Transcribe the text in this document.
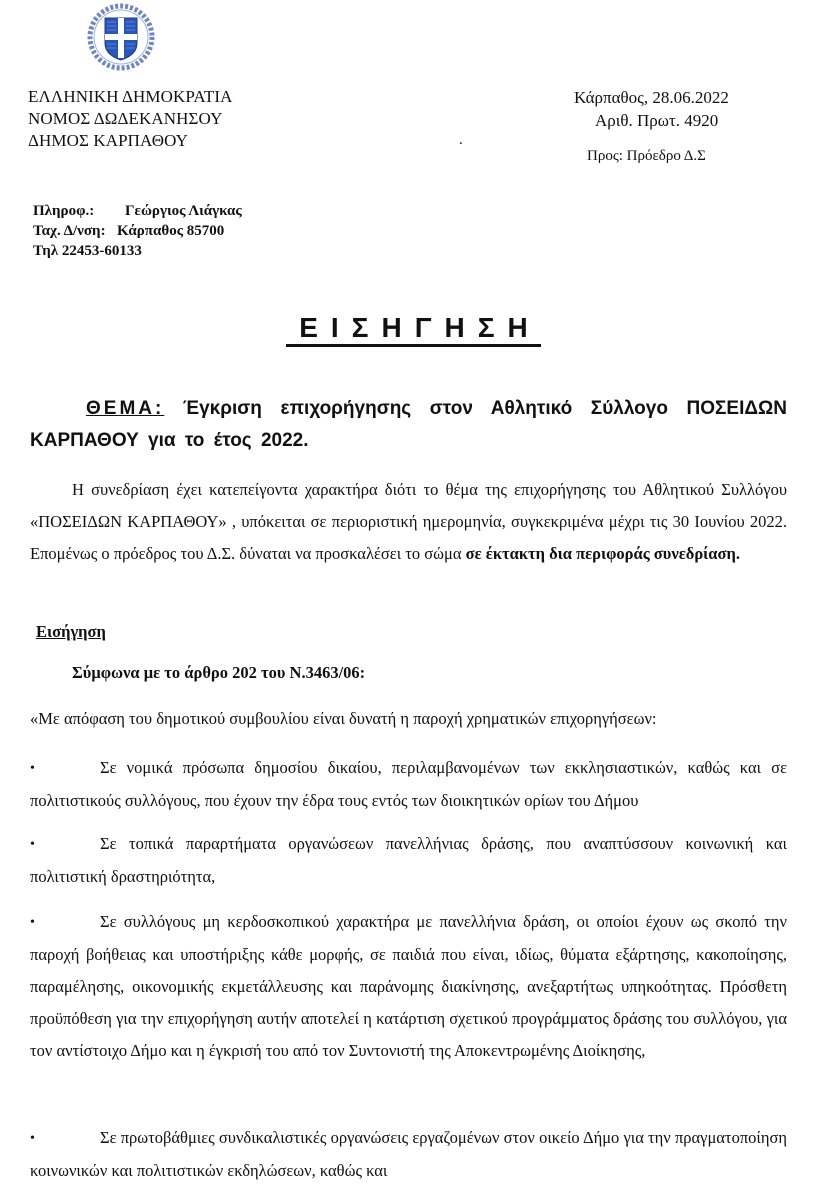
ΕΛΛΗΝΙΚΗ ΔΗΜΟΚΡΑΤΙΑ
ΝΟΜΟΣ ΔΩΔΕΚΑΝΗΣΟΥ
ΔΗΜΟΣ ΚΑΡΠΑΘΟΥ
Κάρπαθος, 28.06.2022
Αριθ. Πρωτ. 4920
.
Προς: Πρόεδρο Δ.Σ
Πληροφ.: Γεώργιος Λιάγκας
Ταχ. Δ/νση: Κάρπαθος 85700
Τηλ 22453-60133
ΕΙΣΗΓΗΣΗ
ΘΕΜΑ: Έγκριση επιχορήγησης στον Αθλητικό Σύλλογο ΠΟΣΕΙΔΩΝ ΚΑΡΠΑΘΟΥ για το έτος 2022.
Η συνεδρίαση έχει κατεπείγοντα χαρακτήρα διότι το θέμα της επιχορήγησης του Αθλητικού Συλλόγου «ΠΟΣΕΙΔΩΝ ΚΑΡΠΑΘΟΥ» , υπόκειται σε περιοριστική ημερομηνία, συγκεκριμένα μέχρι τις 30 Ιουνίου 2022. Επομένως ο πρόεδρος του Δ.Σ. δύναται να προσκαλέσει το σώμα σε έκτακτη δια περιφοράς συνεδρίαση.
Εισήγηση
Σύμφωνα με το άρθρο 202 του Ν.3463/06:
«Με απόφαση του δημοτικού συμβουλίου είναι δυνατή η παροχή χρηματικών επιχορηγήσεων:
•	Σε νομικά πρόσωπα δημοσίου δικαίου, περιλαμβανομένων των εκκλησιαστικών, καθώς και σε πολιτιστικούς συλλόγους, που έχουν την έδρα τους εντός των διοικητικών ορίων του Δήμου
•	Σε τοπικά παραρτήματα οργανώσεων πανελλήνιας δράσης, που αναπτύσσουν κοινωνική και πολιτιστική δραστηριότητα,
•	Σε συλλόγους μη κερδοσκοπικού χαρακτήρα με πανελλήνια δράση, οι οποίοι έχουν ως σκοπό την παροχή βοήθειας και υποστήριξης κάθε μορφής, σε παιδιά που είναι, ιδίως, θύματα εξάρτησης, κακοποίησης, παραμέλησης, οικονομικής εκμετάλλευσης και παράνομης διακίνησης, ανεξαρτήτως υπηκοότητας. Πρόσθετη προϋπόθεση για την επιχορήγηση αυτήν αποτελεί η κατάρτιση σχετικού προγράμματος δράσης του συλλόγου, για τον αντίστοιχο Δήμο και η έγκρισή του από τον Συντονιστή της Αποκεντρωμένης Διοίκησης,
•	Σε πρωτοβάθμιες συνδικαλιστικές οργανώσεις εργαζομένων στον οικείο Δήμο για την πραγματοποίηση κοινωνικών και πολιτιστικών εκδηλώσεων, καθώς και
